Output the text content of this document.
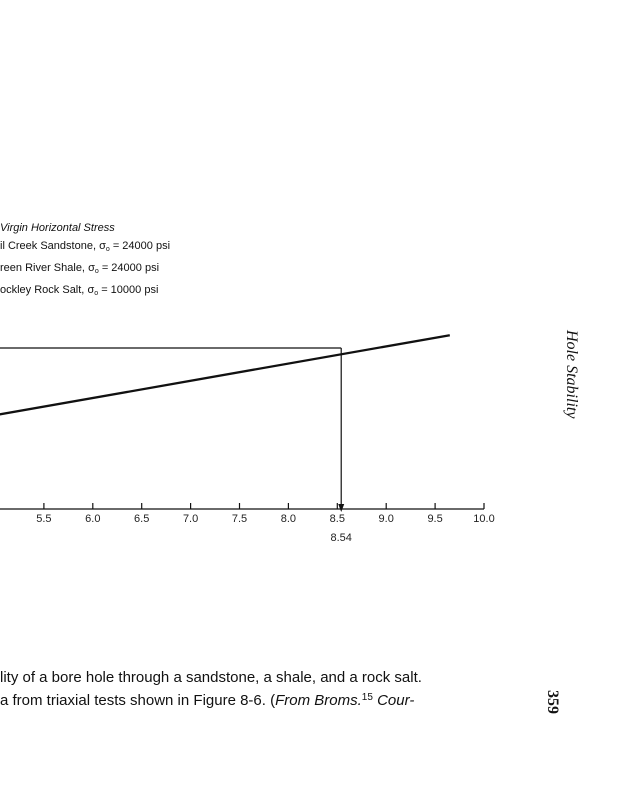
Virgin Horizontal Stress
il Creek Sandstone, $\sigma_o = 24000$ psi
reen River Shale, $\sigma_o = 24000$ psi
ockley Rock Salt, $\sigma_o = 10000$ psi
5.5	6.0	6.5	7.0	7.5	8.0	8.5	9.0	9.5	10.0
8.54
Hole Stability
359
lity of a bore hole through a sandstone, a shale, and a rock salt.
a from triaxial tests shown in Figure 8-6. (From Broms.$^{15}$ Cour-
